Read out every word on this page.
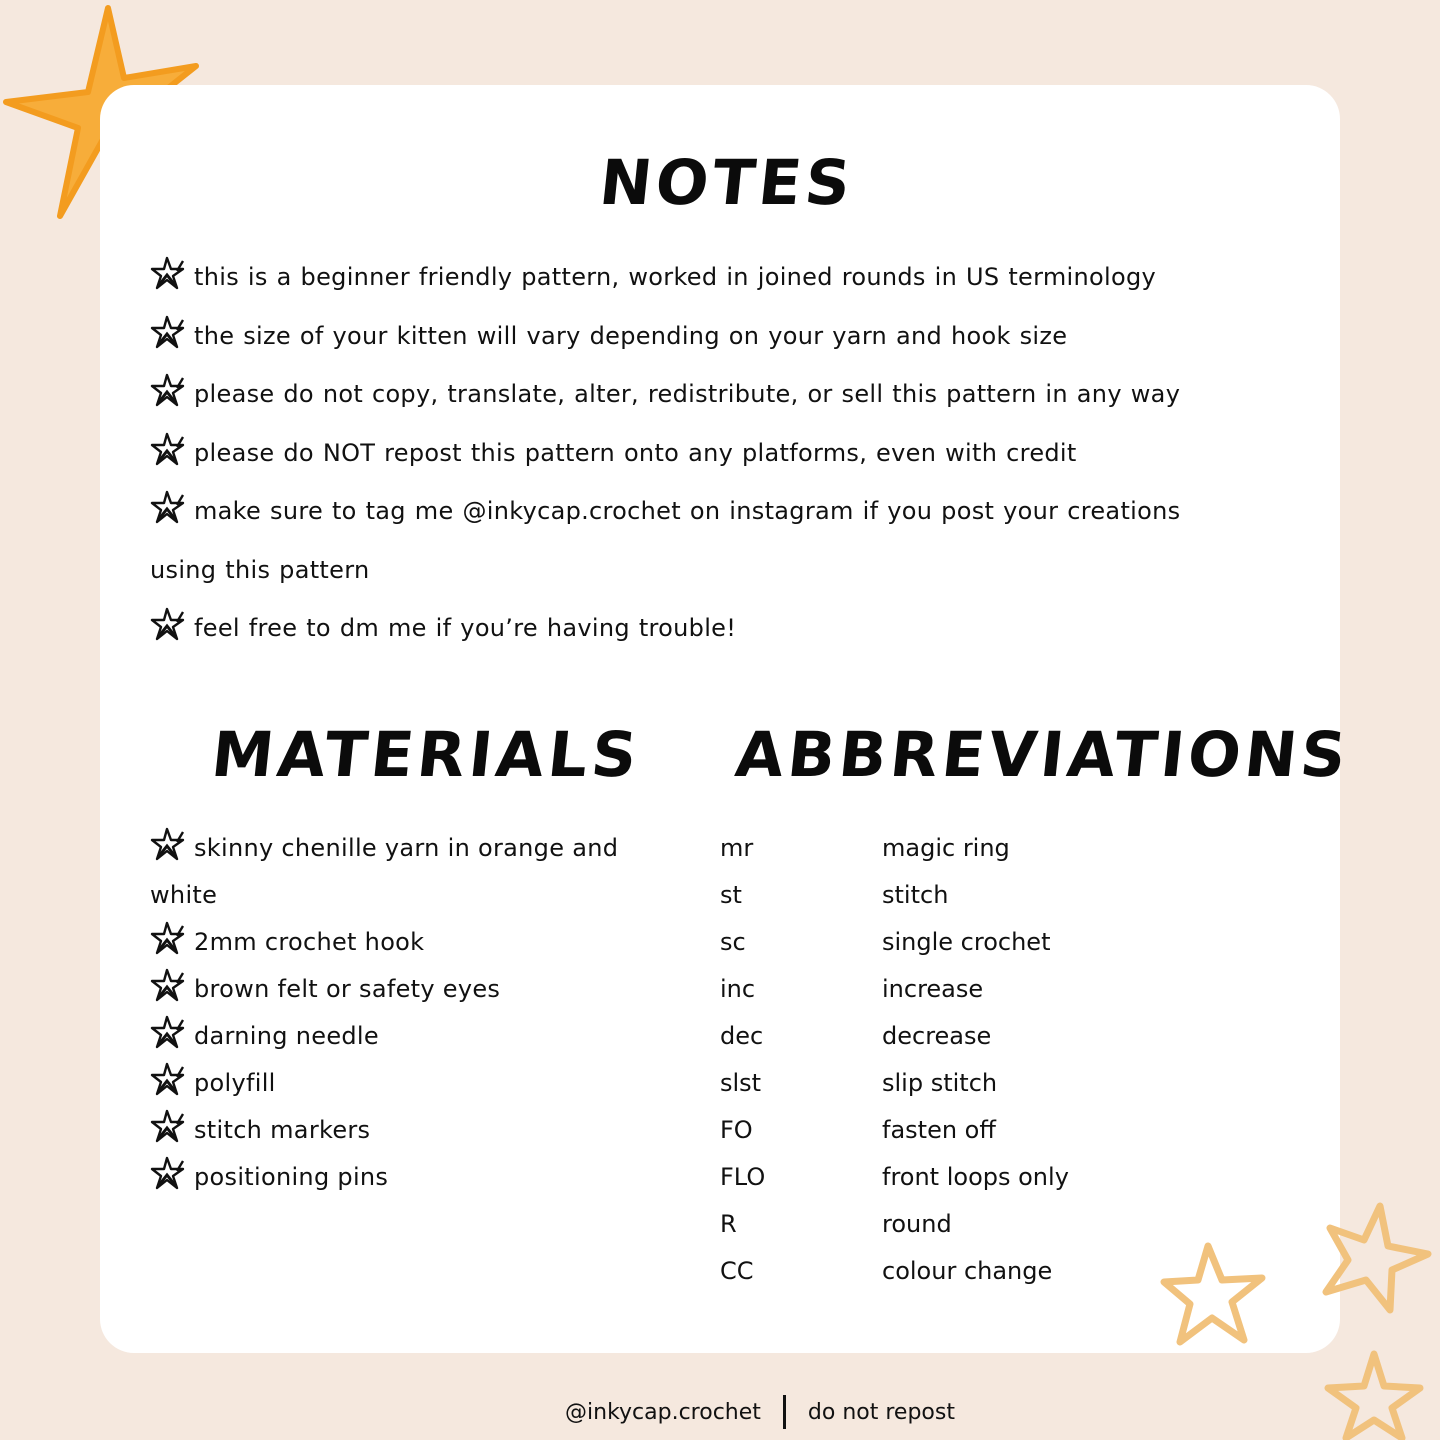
NOTES
this is a beginner friendly pattern, worked in joined rounds in US terminology
the size of your kitten will vary depending on your yarn and hook size
please do not copy, translate, alter, redistribute, or sell this pattern in any way
please do NOT repost this pattern onto any platforms, even with credit
make sure to tag me @inkycap.crochet on instagram if you post your creations using this pattern
feel free to dm me if you’re having trouble!
MATERIALS ABBREVIATIONS
skinny chenille yarn in orange and white
2mm crochet hook
brown felt or safety eyes
darning needle
polyfill
stitch markers
positioning pins
mr	magic ring
st	stitch
sc	single crochet
inc	increase
dec	decrease
slst	slip stitch
FO	fasten off
FLO	front loops only
R	round
CC	colour change
@inkycap.crochet do not repost
